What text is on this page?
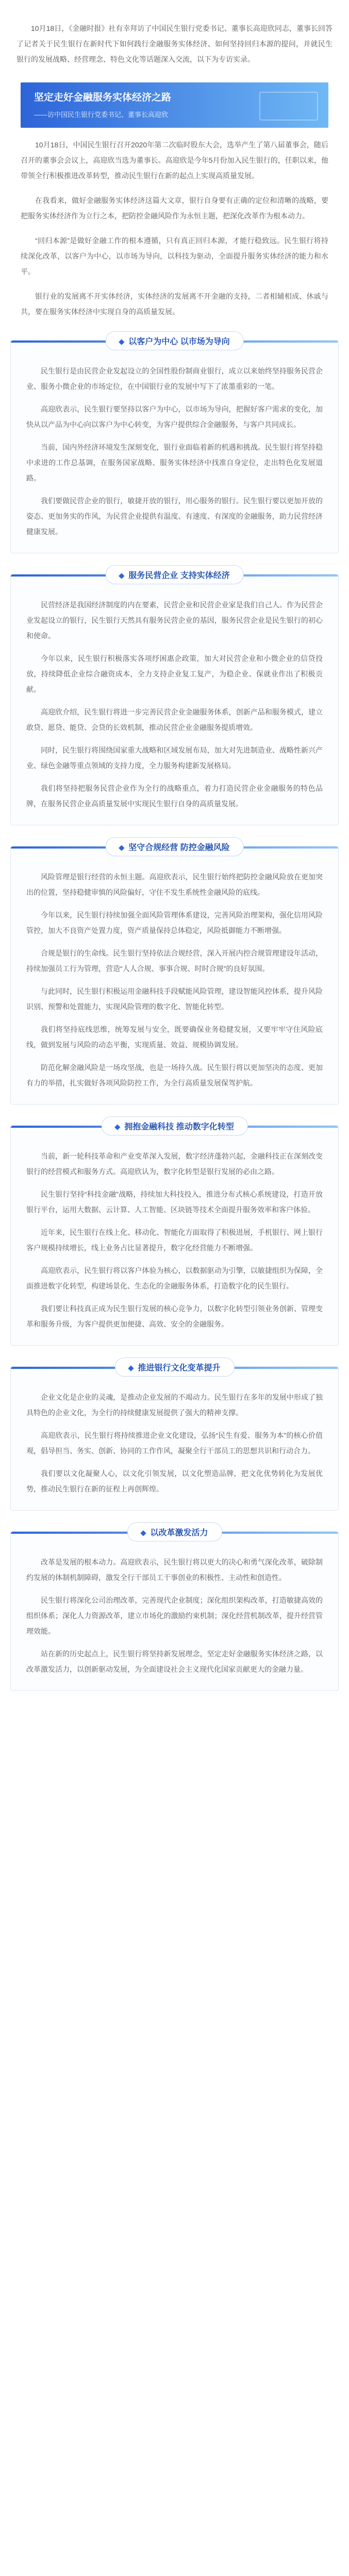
10月18日，《金融时报》社有幸拜访了中国民生银行党委书记、董事长高迎欣同志，董事长回答了记者关于民生银行在新时代下如何践行金融服务实体经济、如何坚持回归本源的提问，并就民生银行的发展战略、经营理念、特色文化等话题深入交流，以下为专访实录。

坚定走好金融服务实体经济之路
——访中国民生银行党委书记、董事长高迎欣

10月18日，中国民生银行召开2020年第二次临时股东大会，选举产生了第八届董事会，随后召开的董事会会议上，高迎欣当选为董事长。高迎欣是今年5月份加入民生银行的，任职以来，他带领全行积极推进改革转型，推动民生银行在新的起点上实现高质量发展。

在我看来，做好金融服务实体经济这篇大文章，银行自身要有正确的定位和清晰的战略，要把服务实体经济作为立行之本，把防控金融风险作为永恒主题，把深化改革作为根本动力。

“回归本源”是做好金融工作的根本遵循，只有真正回归本源，才能行稳致远。民生银行将持续深化改革，以客户为中心，以市场为导向，以科技为驱动，全面提升服务实体经济的能力和水平。

银行业的发展离不开实体经济，实体经济的发展离不开金融的支持，二者相辅相成、休戚与共，要在服务实体经济中实现自身的高质量发展。

以客户为中心 以市场为导向

民生银行是由民营企业发起设立的全国性股份制商业银行，成立以来始终坚持服务民营企业、服务小微企业的市场定位，在中国银行业的发展中写下了浓墨重彩的一笔。

高迎欣表示，民生银行要坚持以客户为中心，以市场为导向，把握好客户需求的变化，加快从以产品为中心向以客户为中心转变，为客户提供综合金融服务，与客户共同成长。

当前，国内外经济环境发生深刻变化，银行业面临着新的机遇和挑战。民生银行将坚持稳中求进的工作总基调，在服务国家战略、服务实体经济中找准自身定位，走出特色化发展道路。

我们要做民营企业的银行，敏捷开放的银行，用心服务的银行。民生银行要以更加开放的姿态、更加务实的作风，为民营企业提供有温度、有速度、有深度的金融服务，助力民营经济健康发展。

服务民营企业 支持实体经济

民营经济是我国经济制度的内在要素，民营企业和民营企业家是我们自己人。作为民营企业发起设立的银行，民生银行天然具有服务民营企业的基因，服务民营企业是民生银行的初心和使命。

今年以来，民生银行积极落实各项纾困惠企政策，加大对民营企业和小微企业的信贷投放，持续降低企业综合融资成本，全力支持企业复工复产，为稳企业、保就业作出了积极贡献。

高迎欣介绍，民生银行将进一步完善民营企业金融服务体系，创新产品和服务模式，建立敢贷、愿贷、能贷、会贷的长效机制，推动民营企业金融服务提质增效。

同时，民生银行将围绕国家重大战略和区域发展布局，加大对先进制造业、战略性新兴产业、绿色金融等重点领域的支持力度，全力服务构建新发展格局。

我们将坚持把服务民营企业作为全行的战略重点，着力打造民营企业金融服务的特色品牌，在服务民营企业高质量发展中实现民生银行自身的高质量发展。

坚守合规经营 防控金融风险

风险管理是银行经营的永恒主题。高迎欣表示，民生银行始终把防控金融风险放在更加突出的位置，坚持稳健审慎的风险偏好，守住不发生系统性金融风险的底线。

今年以来，民生银行持续加强全面风险管理体系建设，完善风险治理架构，强化信用风险管控，加大不良资产处置力度，资产质量保持总体稳定，风险抵御能力不断增强。

合规是银行的生命线。民生银行坚持依法合规经营，深入开展内控合规管理建设年活动，持续加强员工行为管理，营造“人人合规、事事合规、时时合规”的良好氛围。

与此同时，民生银行积极运用金融科技手段赋能风险管理，建设智能风控体系，提升风险识别、预警和处置能力，实现风险管理的数字化、智能化转型。

我们将坚持底线思维，统筹发展与安全，既要确保业务稳健发展，又要牢牢守住风险底线，做到发展与风险的动态平衡，实现质量、效益、规模协调发展。

防范化解金融风险是一场攻坚战，也是一场持久战。民生银行将以更加坚决的态度、更加有力的举措，扎实做好各项风险防控工作，为全行高质量发展保驾护航。

拥抱金融科技 推动数字化转型

当前，新一轮科技革命和产业变革深入发展，数字经济蓬勃兴起，金融科技正在深刻改变银行的经营模式和服务方式。高迎欣认为，数字化转型是银行发展的必由之路。

民生银行坚持“科技金融”战略，持续加大科技投入，推进分布式核心系统建设，打造开放银行平台，运用大数据、云计算、人工智能、区块链等技术全面提升服务效率和客户体验。

近年来，民生银行在线上化、移动化、智能化方面取得了积极进展，手机银行、网上银行客户规模持续增长，线上业务占比显著提升，数字化经营能力不断增强。

高迎欣表示，民生银行将以客户体验为核心，以数据驱动为引擎，以敏捷组织为保障，全面推进数字化转型，构建场景化、生态化的金融服务体系，打造数字化的民生银行。

我们要让科技真正成为民生银行发展的核心竞争力，以数字化转型引领业务创新、管理变革和服务升级，为客户提供更加便捷、高效、安全的金融服务。

推进银行文化变革提升

企业文化是企业的灵魂，是推动企业发展的不竭动力。民生银行在多年的发展中形成了独具特色的企业文化，为全行的持续健康发展提供了强大的精神支撑。

高迎欣表示，民生银行将持续推进企业文化建设，弘扬“民生有爱、服务为本”的核心价值观，倡导担当、务实、创新、协同的工作作风，凝聚全行干部员工的思想共识和行动合力。

我们要以文化凝聚人心，以文化引领发展，以文化塑造品牌，把文化优势转化为发展优势，推动民生银行在新的征程上再创辉煌。

以改革激发活力

改革是发展的根本动力。高迎欣表示，民生银行将以更大的决心和勇气深化改革，破除制约发展的体制机制障碍，激发全行干部员工干事创业的积极性、主动性和创造性。

民生银行将深化公司治理改革，完善现代企业制度；深化组织架构改革，打造敏捷高效的组织体系；深化人力资源改革，建立市场化的激励约束机制；深化经营机制改革，提升经营管理效能。

站在新的历史起点上，民生银行将坚持新发展理念，坚定走好金融服务实体经济之路，以改革激发活力，以创新驱动发展，为全面建设社会主义现代化国家贡献更大的金融力量。
